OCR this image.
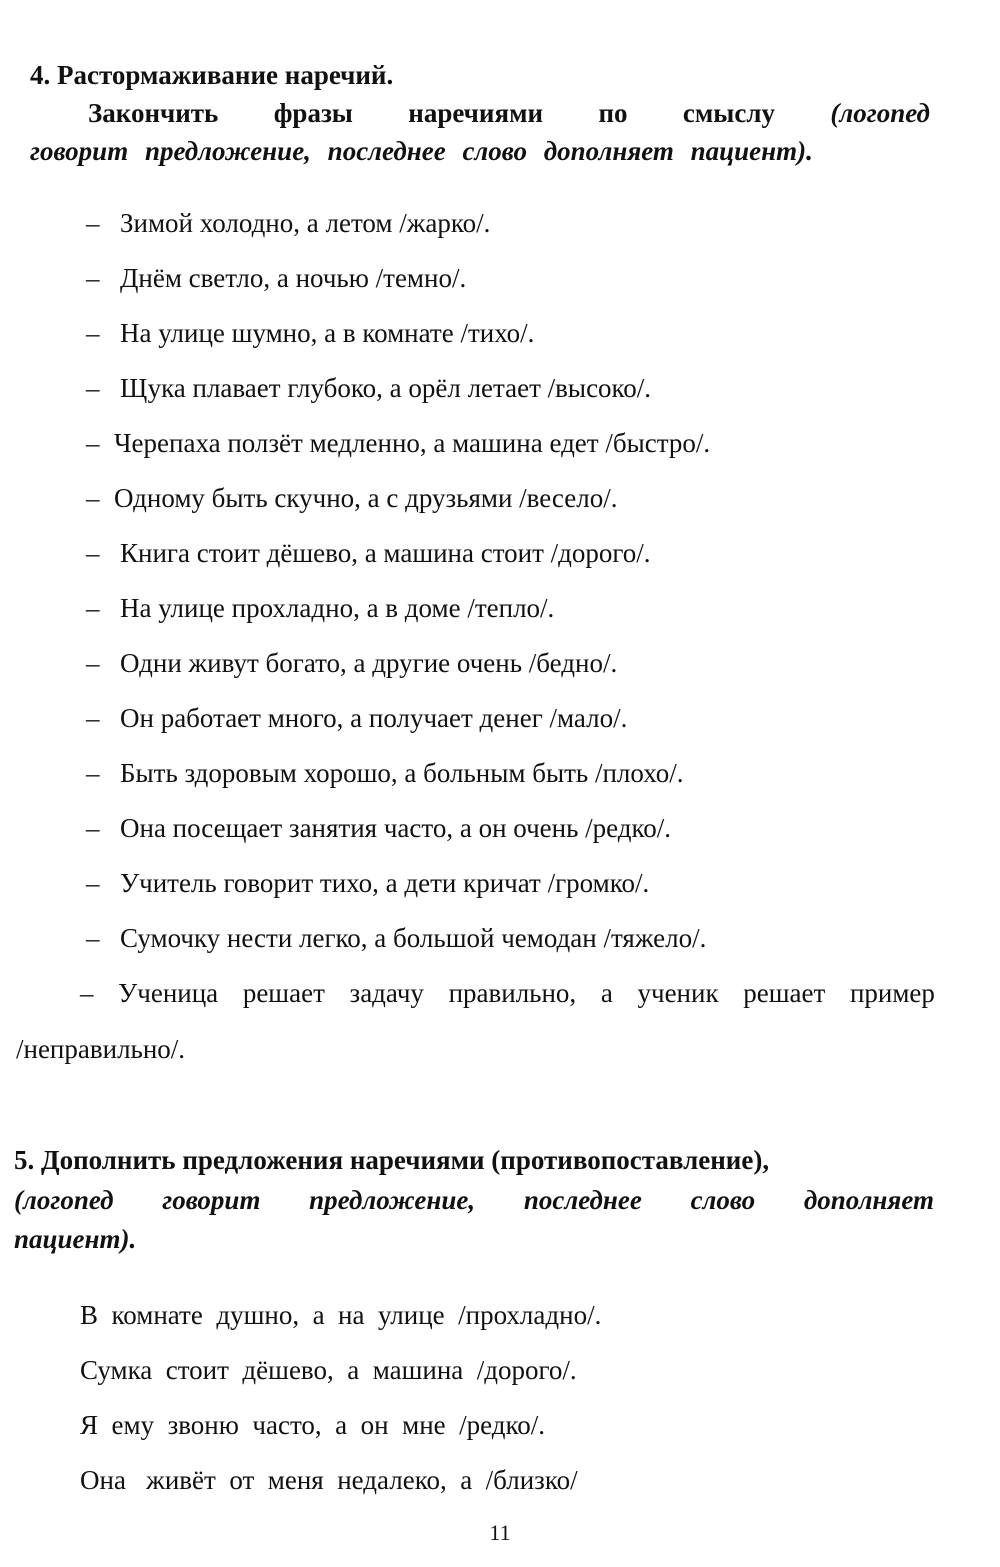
4. Растормаживание наречий.
Закончить фразы наречиями по смыслу (логопед
говорит предложение, последнее слово дополняет пациент).
– Зимой холодно, а летом /жарко/.
– Днём светло, а ночью /темно/.
– На улице шумно, а в комнате /тихо/.
– Щука плавает глубоко, а орёл летает /высоко/.
– Черепаха ползёт медленно, а машина едет /быстро/.
– Одному быть скучно, а с друзьями /весело/.
– Книга стоит дёшево, а машина стоит /дорого/.
– На улице прохладно, а в доме /тепло/.
– Одни живут богато, а другие очень /бедно/.
– Он работает много, а получает денег /мало/.
– Быть здоровым хорошо, а больным быть /плохо/.
– Она посещает занятия часто, а он очень /редко/.
– Учитель говорит тихо, а дети кричат /громко/.
– Сумочку нести легко, а большой чемодан /тяжело/.
– Ученица решает задачу правильно, а ученик решает пример
/неправильно/.
5. Дополнить предложения наречиями (противопоставление),
(логопед говорит предложение, последнее слово дополняет
пациент).
В  комнате  душно,  а  на  улице  /прохладно/.
Сумка  стоит  дёшево,  а  машина  /дорого/.
Я  ему  звоню  часто,  а  он  мне  /редко/.
Она   живёт  от  меня  недалеко,  а  /близко/
11
